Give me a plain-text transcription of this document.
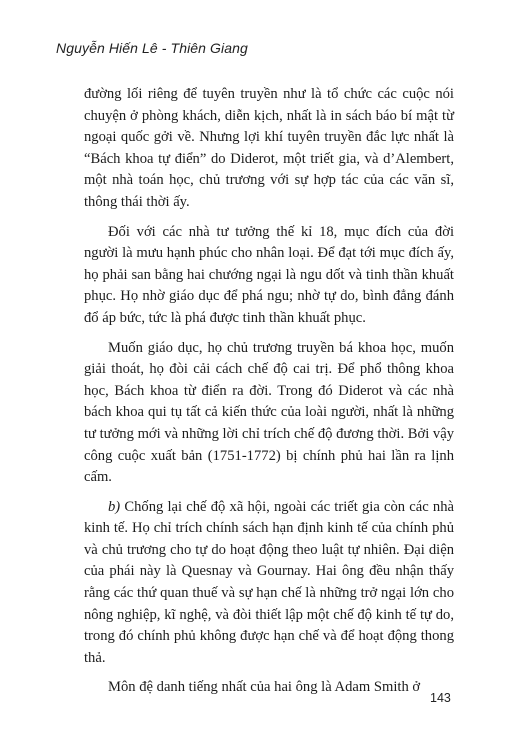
Nguyễn Hiến Lê - Thiên Giang

đường lối riêng để tuyên truyền như là tổ chức các cuộc nói chuyện ở phòng khách, diễn kịch, nhất là in sách báo bí mật từ ngoại quốc gởi về. Nhưng lợi khí tuyên truyền đắc lực nhất là “Bách khoa tự điển” do Diderot, một triết gia, và d’Alembert, một nhà toán học, chủ trương với sự hợp tác của các văn sĩ, thông thái thời ấy.

Đối với các nhà tư tưởng thế kỉ 18, mục đích của đời người là mưu hạnh phúc cho nhân loại. Để đạt tới mục đích ấy, họ phải san bằng hai chướng ngại là ngu dốt và tinh thần khuất phục. Họ nhờ giáo dục để phá ngu; nhờ tự do, bình đẳng đánh đổ áp bức, tức là phá được tinh thần khuất phục.

Muốn giáo dục, họ chủ trương truyền bá khoa học, muốn giải thoát, họ đòi cải cách chế độ cai trị. Để phổ thông khoa học, Bách khoa từ điển ra đời. Trong đó Diderot và các nhà bách khoa qui tụ tất cả kiến thức của loài người, nhất là những tư tưởng mới và những lời chỉ trích chế độ đương thời. Bởi vậy công cuộc xuất bản (1751-1772) bị chính phủ hai lần ra lịnh cấm.

b) Chống lại chế độ xã hội, ngoài các triết gia còn các nhà kinh tế. Họ chỉ trích chính sách hạn định kinh tế của chính phủ và chủ trương cho tự do hoạt động theo luật tự nhiên. Đại diện của phái này là Quesnay và Gournay. Hai ông đều nhận thấy rằng các thứ quan thuế và sự hạn chế là những trở ngại lớn cho nông nghiệp, kĩ nghệ, và đòi thiết lập một chế độ kinh tế tự do, trong đó chính phủ không được hạn chế và để hoạt động thong thả.

Môn đệ danh tiếng nhất của hai ông là Adam Smith ở

143
